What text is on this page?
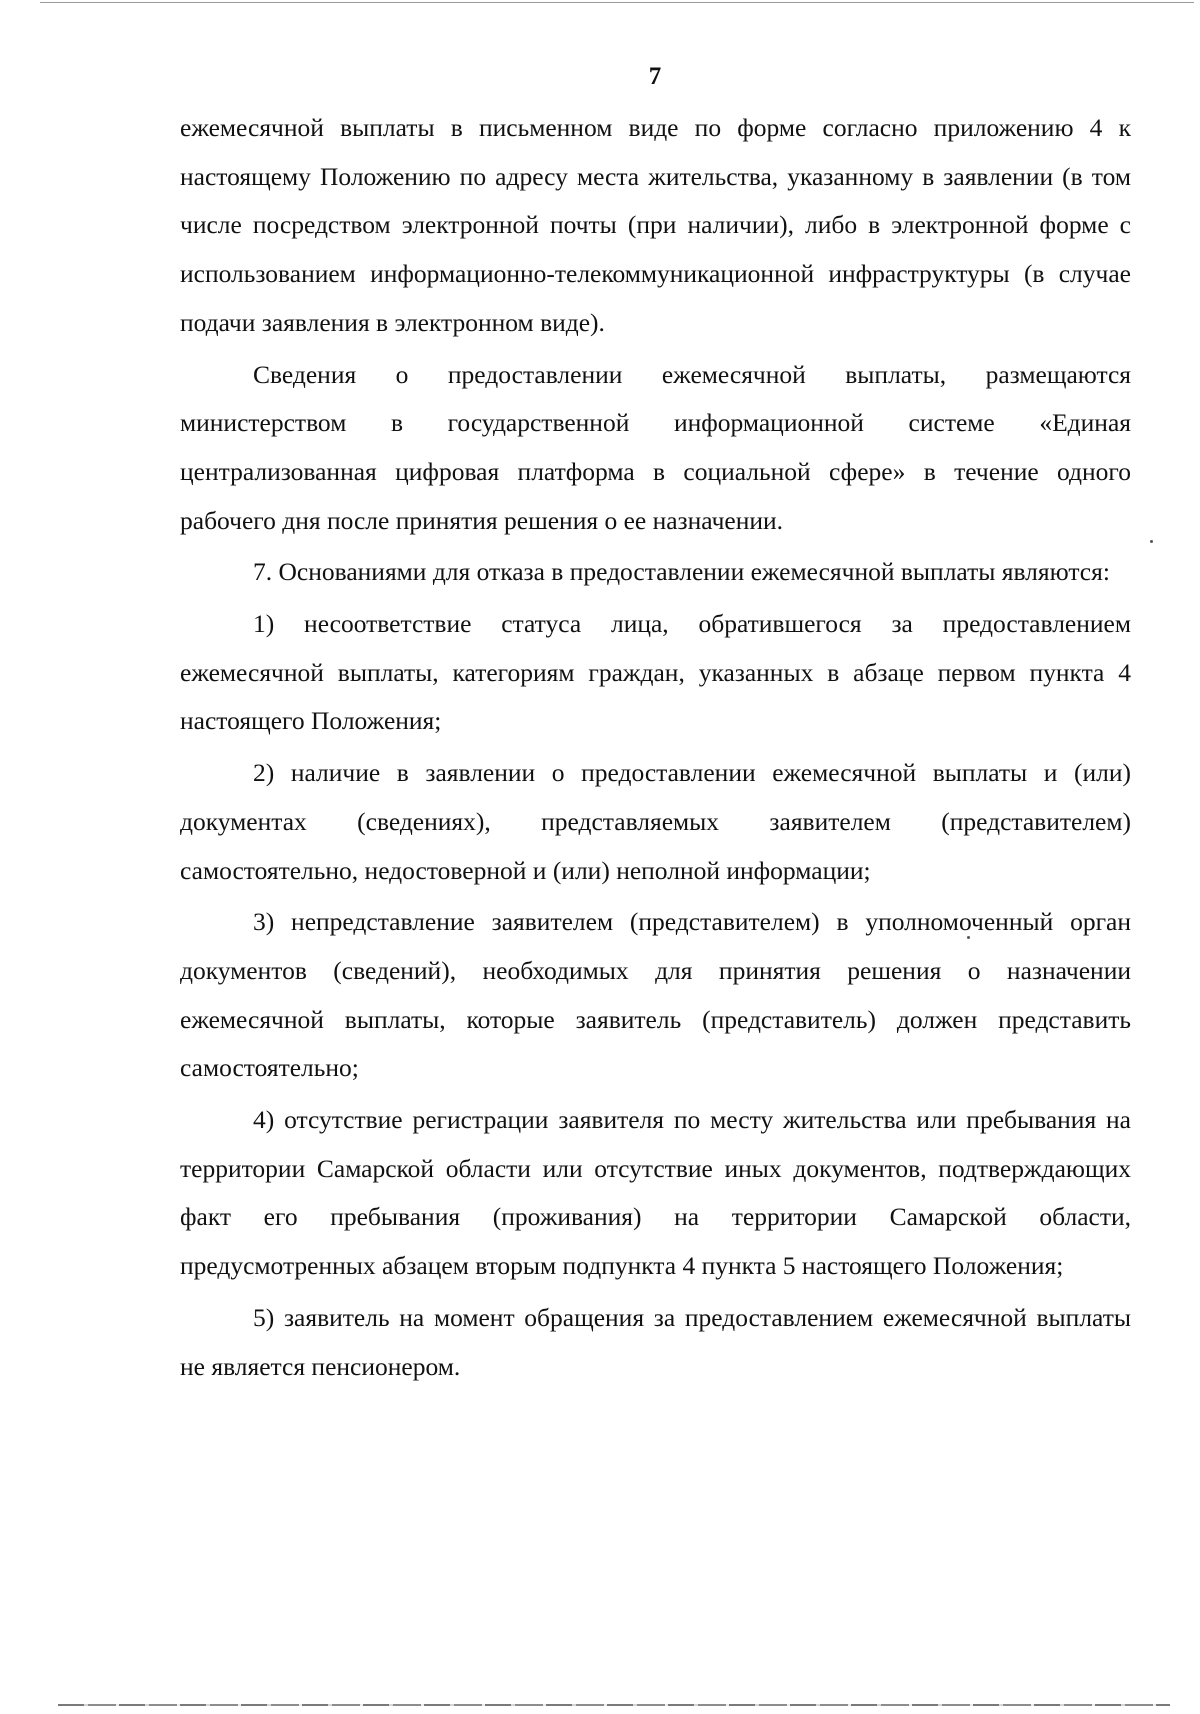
7

ежемесячной выплаты в письменном виде по форме согласно приложению 4 к настоящему Положению по адресу места жительства, указанному в заявлении (в том числе посредством электронной почты (при наличии), либо в электронной форме с использованием информационно-телекоммуникационной инфраструктуры (в случае подачи заявления в электронном виде).

Сведения о предоставлении ежемесячной выплаты, размещаются министерством в государственной информационной системе «Единая централизованная цифровая платформа в социальной сфере» в течение одного рабочего дня после принятия решения о ее назначении.

7. Основаниями для отказа в предоставлении ежемесячной выплаты являются:

1) несоответствие статуса лица, обратившегося за предоставлением ежемесячной выплаты, категориям граждан, указанных в абзаце первом пункта 4 настоящего Положения;

2) наличие в заявлении о предоставлении ежемесячной выплаты и (или) документах (сведениях), представляемых заявителем (представителем) самостоятельно, недостоверной и (или) неполной информации;

3) непредставление заявителем (представителем) в уполномоченный орган документов (сведений), необходимых для принятия решения о назначении ежемесячной выплаты, которые заявитель (представитель) должен представить самостоятельно;

4) отсутствие регистрации заявителя по месту жительства или пребывания на территории Самарской области или отсутствие иных документов, подтверждающих факт его пребывания (проживания) на территории Самарской области, предусмотренных абзацем вторым подпункта 4 пункта 5 настоящего Положения;

5) заявитель на момент обращения за предоставлением ежемесячной выплаты не является пенсионером.
